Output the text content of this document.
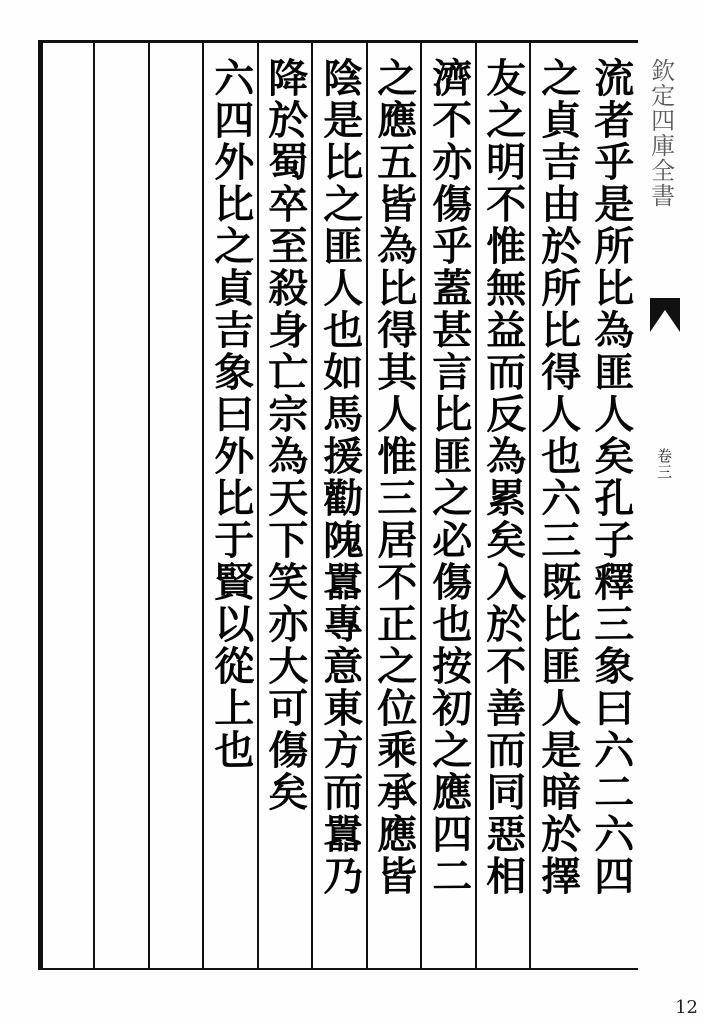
流者乎是所比為匪人矣孔子釋三象曰六二六四
之貞吉由於所比得人也六三既比匪人是暗於擇
友之明不惟無益而反為累矣入於不善而同惡相
濟不亦傷乎蓋甚言比匪之必傷也按初之應四二
之應五皆為比得其人惟三居不正之位乘承應皆
陰是比之匪人也如馬援勸隗囂專意東方而囂乃
降於蜀卒至殺身亡宗為天下笑亦大可傷矣
六四外比之貞吉象曰外比于賢以從上也	欽定四庫全書
卷三
12
